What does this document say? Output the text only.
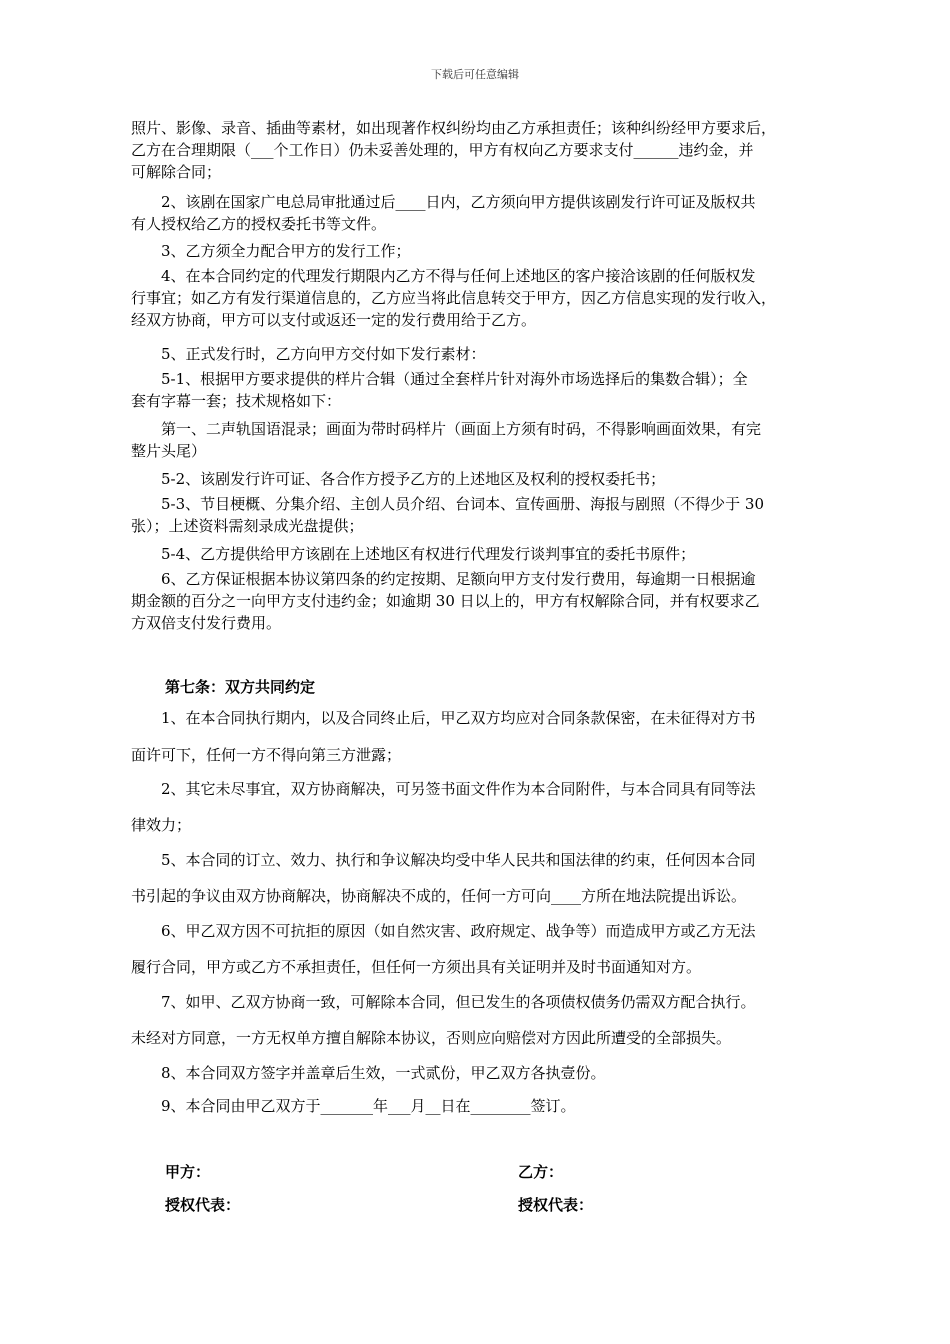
下载后可任意编辑
照片、影像、录音、插曲等素材，如出现著作权纠纷均由乙方承担责任；该种纠纷经甲方要求后，
乙方在合理期限（___个工作日）仍未妥善处理的，甲方有权向乙方要求支付______违约金，并
可解除合同；
　　2、该剧在国家广电总局审批通过后____日内，乙方须向甲方提供该剧发行许可证及版权共
有人授权给乙方的授权委托书等文件。
　　3、乙方须全力配合甲方的发行工作；
　　4、在本合同约定的代理发行期限内乙方不得与任何上述地区的客户接洽该剧的任何版权发
行事宜；如乙方有发行渠道信息的，乙方应当将此信息转交于甲方，因乙方信息实现的发行收入，
经双方协商，甲方可以支付或返还一定的发行费用给于乙方。
　　5、正式发行时，乙方向甲方交付如下发行素材：
　　5-1、根据甲方要求提供的样片合辑（通过全套样片针对海外市场选择后的集数合辑）；全
套有字幕一套；技术规格如下：
　　第一、二声轨国语混录；画面为带时码样片（画面上方须有时码，不得影响画面效果，有完
整片头尾）
　　5-2、该剧发行许可证、各合作方授予乙方的上述地区及权利的授权委托书；
　　5-3、节目梗概、分集介绍、主创人员介绍、台词本、宣传画册、海报与剧照（不得少于 30
张）；上述资料需刻录成光盘提供；
　　5-4、乙方提供给甲方该剧在上述地区有权进行代理发行谈判事宜的委托书原件；
　　6、乙方保证根据本协议第四条的约定按期、足额向甲方支付发行费用，每逾期一日根据逾
期金额的百分之一向甲方支付违约金；如逾期 30 日以上的，甲方有权解除合同，并有权要求乙
方双倍支付发行费用。
第七条：双方共同约定
　　1、在本合同执行期内，以及合同终止后，甲乙双方均应对合同条款保密，在未征得对方书
面许可下，任何一方不得向第三方泄露；
　　2、其它未尽事宜，双方协商解决，可另签书面文件作为本合同附件，与本合同具有同等法
律效力；
　　5、本合同的订立、效力、执行和争议解决均受中华人民共和国法律的约束，任何因本合同
书引起的争议由双方协商解决，协商解决不成的，任何一方可向____方所在地法院提出诉讼。
　　6、甲乙双方因不可抗拒的原因（如自然灾害、政府规定、战争等）而造成甲方或乙方无法
履行合同，甲方或乙方不承担责任，但任何一方须出具有关证明并及时书面通知对方。
　　7、如甲、乙双方协商一致，可解除本合同，但已发生的各项债权债务仍需双方配合执行。
未经对方同意，一方无权单方擅自解除本协议，否则应向赔偿对方因此所遭受的全部损失。
　　8、本合同双方签字并盖章后生效，一式贰份，甲乙双方各执壹份。
　　9、本合同由甲乙双方于_______年___月__日在________签订。
甲方：	乙方：
授权代表：	授权代表：
